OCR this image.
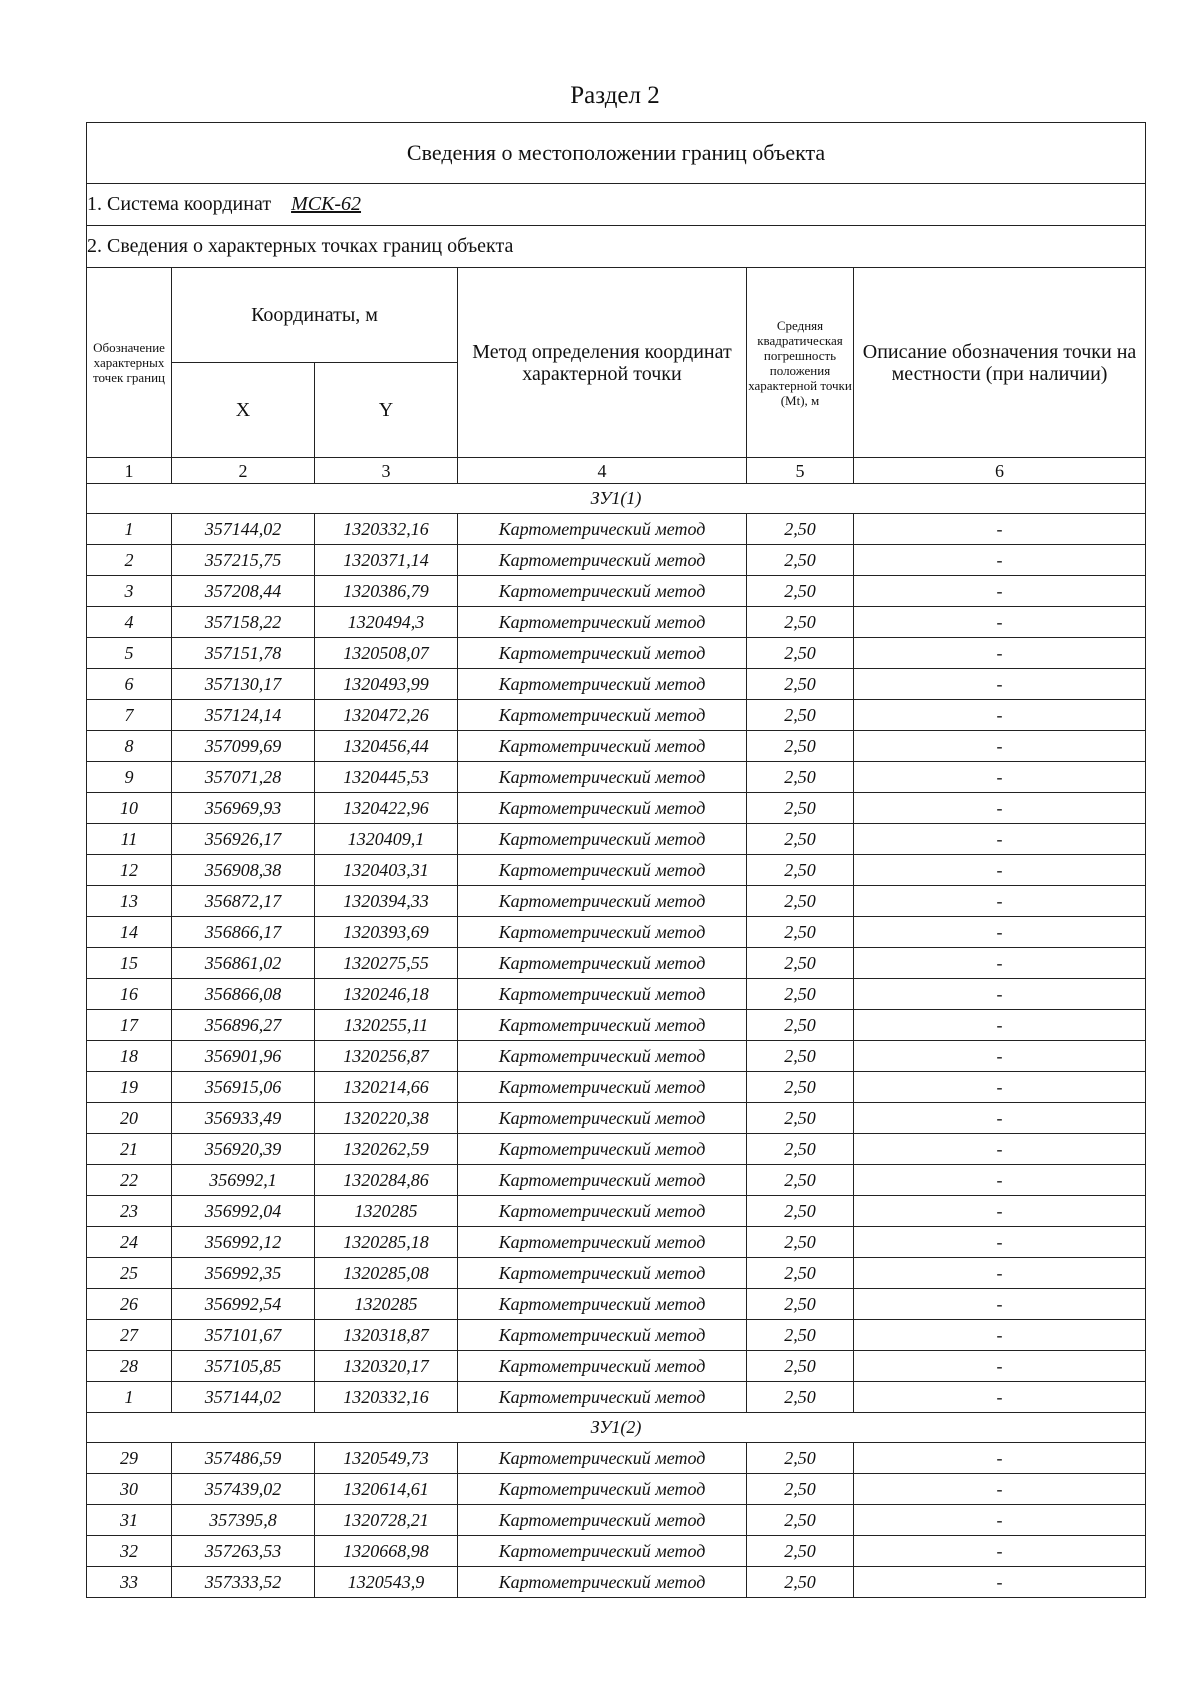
Раздел 2
Сведения о местоположении границ объекта					
1. Система координат МСК-62					
2. Сведения о характерных точках границ объекта					
Обозначение характерных точек границ	Координаты, м		Метод определения координат характерной точки	Средняя квадратическая погрешность положения характерной точки (Mt), м	Описание обозначения точки на местности (при наличии)
	X	Y			
1	2	3	4	5	6
ЗУ1(1)					
1	357144,02	1320332,16	Картометрический метод	2,50	-
2	357215,75	1320371,14	Картометрический метод	2,50	-
3	357208,44	1320386,79	Картометрический метод	2,50	-
4	357158,22	1320494,3	Картометрический метод	2,50	-
5	357151,78	1320508,07	Картометрический метод	2,50	-
6	357130,17	1320493,99	Картометрический метод	2,50	-
7	357124,14	1320472,26	Картометрический метод	2,50	-
8	357099,69	1320456,44	Картометрический метод	2,50	-
9	357071,28	1320445,53	Картометрический метод	2,50	-
10	356969,93	1320422,96	Картометрический метод	2,50	-
11	356926,17	1320409,1	Картометрический метод	2,50	-
12	356908,38	1320403,31	Картометрический метод	2,50	-
13	356872,17	1320394,33	Картометрический метод	2,50	-
14	356866,17	1320393,69	Картометрический метод	2,50	-
15	356861,02	1320275,55	Картометрический метод	2,50	-
16	356866,08	1320246,18	Картометрический метод	2,50	-
17	356896,27	1320255,11	Картометрический метод	2,50	-
18	356901,96	1320256,87	Картометрический метод	2,50	-
19	356915,06	1320214,66	Картометрический метод	2,50	-
20	356933,49	1320220,38	Картометрический метод	2,50	-
21	356920,39	1320262,59	Картометрический метод	2,50	-
22	356992,1	1320284,86	Картометрический метод	2,50	-
23	356992,04	1320285	Картометрический метод	2,50	-
24	356992,12	1320285,18	Картометрический метод	2,50	-
25	356992,35	1320285,08	Картометрический метод	2,50	-
26	356992,54	1320285	Картометрический метод	2,50	-
27	357101,67	1320318,87	Картометрический метод	2,50	-
28	357105,85	1320320,17	Картометрический метод	2,50	-
1	357144,02	1320332,16	Картометрический метод	2,50	-
ЗУ1(2)					
29	357486,59	1320549,73	Картометрический метод	2,50	-
30	357439,02	1320614,61	Картометрический метод	2,50	-
31	357395,8	1320728,21	Картометрический метод	2,50	-
32	357263,53	1320668,98	Картометрический метод	2,50	-
33	357333,52	1320543,9	Картометрический метод	2,50	-
